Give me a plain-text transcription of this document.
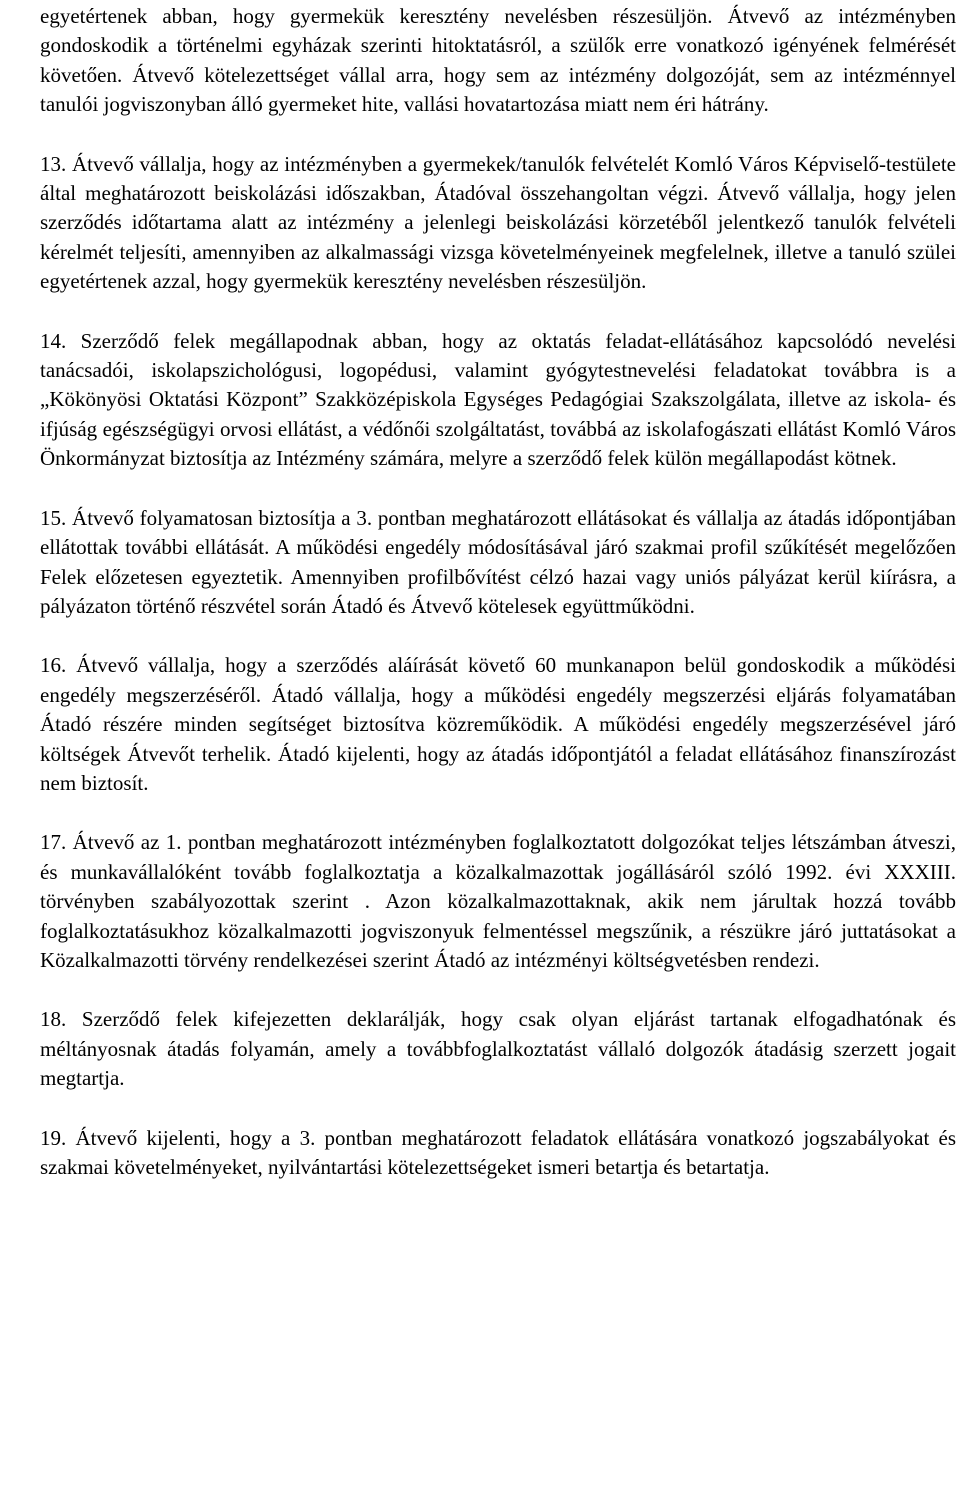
egyetértenek abban, hogy gyermekük keresztény nevelésben részesüljön. Átvevő az intézményben gondoskodik a történelmi egyházak szerinti hitoktatásról, a szülők erre vonatkozó igényének felmérését követően. Átvevő kötelezettséget vállal arra, hogy sem az intézmény dolgozóját, sem az intézménnyel tanulói jogviszonyban álló gyermeket hite, vallási hovatartozása miatt nem éri hátrány.

13. Átvevő vállalja, hogy az intézményben a gyermekek/tanulók felvételét Komló Város Képviselő-testülete által meghatározott beiskolázási időszakban, Átadóval összehangoltan végzi. Átvevő vállalja, hogy jelen szerződés időtartama alatt az intézmény a jelenlegi beiskolázási körzetéből jelentkező tanulók felvételi kérelmét teljesíti, amennyiben az alkalmassági vizsga követelményeinek megfelelnek, illetve a tanuló szülei egyetértenek azzal, hogy gyermekük keresztény nevelésben részesüljön.

14. Szerződő felek megállapodnak abban, hogy az oktatás feladat-ellátásához kapcsolódó nevelési tanácsadói, iskolapszichológusi, logopédusi, valamint gyógytestnevelési feladatokat továbbra is a „Kökönyösi Oktatási Központ” Szakközépiskola Egységes Pedagógiai Szakszolgálata, illetve az iskola- és ifjúság egészségügyi orvosi ellátást, a védőnői szolgáltatást, továbbá az iskolafogászati ellátást Komló Város Önkormányzat biztosítja az Intézmény számára, melyre a szerződő felek külön megállapodást kötnek.

15. Átvevő folyamatosan biztosítja a 3. pontban meghatározott ellátásokat és vállalja az átadás időpontjában ellátottak további ellátását. A működési engedély módosításával járó szakmai profil szűkítését megelőzően Felek előzetesen egyeztetik. Amennyiben profilbővítést célzó hazai vagy uniós pályázat kerül kiírásra, a pályázaton történő részvétel során Átadó és Átvevő kötelesek együttműködni.

16. Átvevő vállalja, hogy a szerződés aláírását követő 60 munkanapon belül gondoskodik a működési engedély megszerzéséről. Átadó vállalja, hogy a működési engedély megszerzési eljárás folyamatában Átadó részére minden segítséget biztosítva közreműködik. A működési engedély megszerzésével járó költségek Átvevőt terhelik. Átadó kijelenti, hogy az átadás időpontjától a feladat ellátásához finanszírozást nem biztosít.

17. Átvevő az 1. pontban meghatározott intézményben foglalkoztatott dolgozókat teljes létszámban átveszi, és munkavállalóként tovább foglalkoztatja a közalkalmazottak jogállásáról szóló 1992. évi XXXIII. törvényben szabályozottak szerint . Azon közalkalmazottaknak, akik nem járultak hozzá tovább foglalkoztatásukhoz közalkalmazotti jogviszonyuk felmentéssel megszűnik, a részükre járó juttatásokat a Közalkalmazotti törvény rendelkezései szerint Átadó az intézményi költségvetésben rendezi.

18. Szerződő felek kifejezetten deklarálják, hogy csak olyan eljárást tartanak elfogadhatónak és méltányosnak átadás folyamán, amely a továbbfoglalkoztatást vállaló dolgozók átadásig szerzett jogait megtartja.

19. Átvevő kijelenti, hogy a 3. pontban meghatározott feladatok ellátására vonatkozó jogszabályokat és szakmai követelményeket, nyilvántartási kötelezettségeket ismeri betartja és betartatja.
